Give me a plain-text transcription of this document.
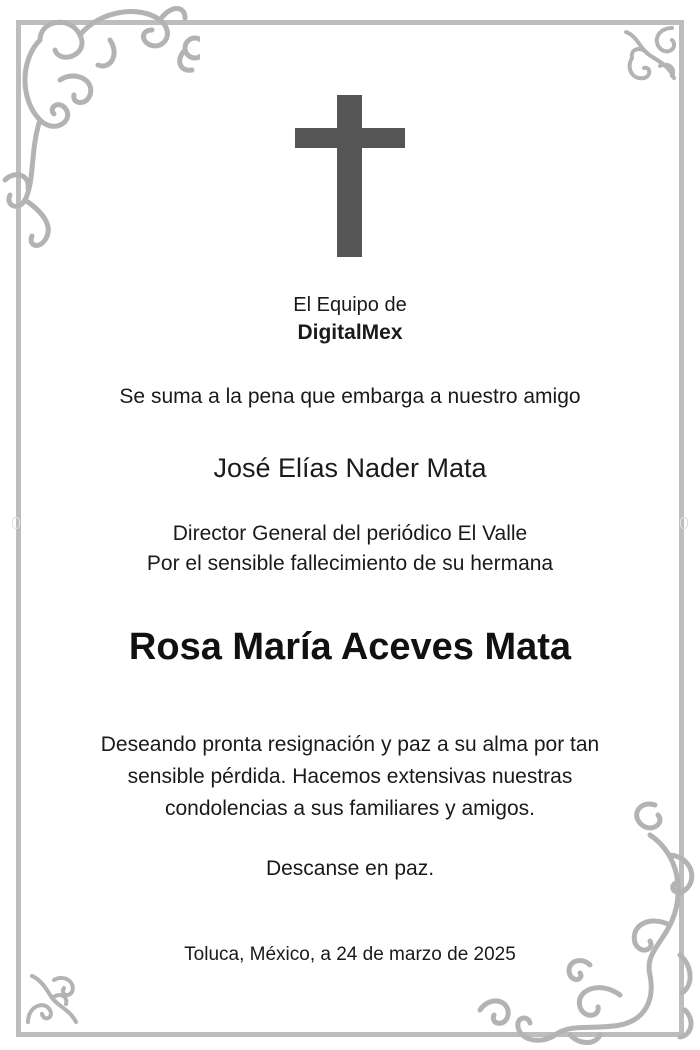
El Equipo de
DigitalMex
Se suma a la pena que embarga a nuestro amigo
José Elías Nader Mata
Director General del periódico El Valle
Por el sensible fallecimiento de su hermana
Rosa María Aceves Mata
Deseando pronta resignación y paz a su alma por tan
sensible pérdida. Hacemos extensivas nuestras
condolencias a sus familiares y amigos.
Descanse en paz.
Toluca, México, a 24 de marzo de 2025
